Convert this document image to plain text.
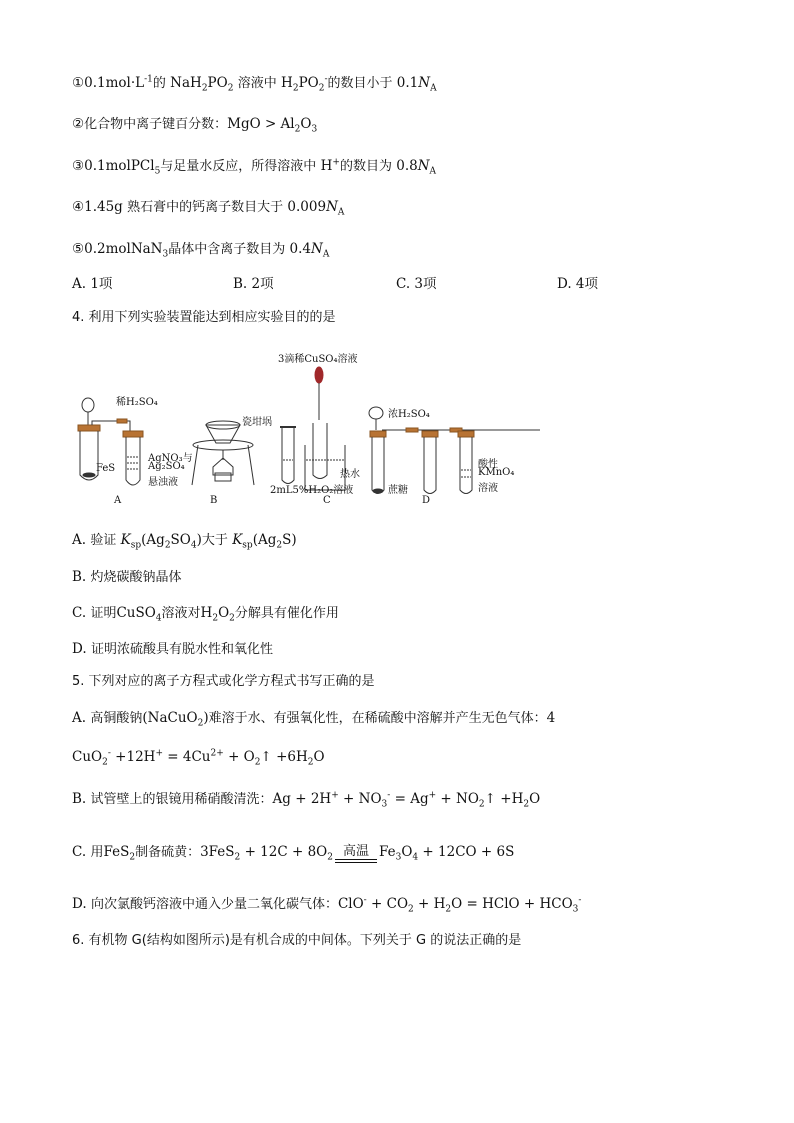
$①0.1mol\cdot L^{-1}$的 $NaH_2PO_2$ 溶液中 $H_2PO_2^-$的数目小于 $0.1N_A$
②化合物中离子键百分数：MgO > $Al_2O_3$
③0.1molPCl$_5$与足量水反应，所得溶液中 H+的数目为 $0.8N_A$
④1.45g 熟石膏中的钙离子数目大于 $0.009N_A$
⑤0.2molNaN$_3$晶体中含离子数目为 $0.4N_A$
A. 1项	B. 2项	C. 3项	D. 4项
4. 利用下列实验装置能达到相应实验目的的是
稀H₂SO₄
FeS
AgNO₃与
Ag₂SO₄
悬浊液
A
瓷坩埚
B
3滴稀CuSO₄溶液
热水
2mL5%H₂O₂溶液
C
浓H₂SO₄
蔗糖
酸性
KMnO₄
溶液
D
A. 验证 $K_{sp}(Ag_2SO_4)$大于 $K_{sp}(Ag_2S)$
B. 灼烧碳酸钠晶体
C. 证明CuSO$_4$溶液对$H_2O_2$分解具有催化作用
D. 证明浓硫酸具有脱水性和氧化性
5. 下列对应的离子方程式或化学方程式书写正确的是
A. 高铜酸钠(NaCuO$_2$)难溶于水、有强氧化性，在稀硫酸中溶解并产生无色气体：4
$CuO_2^- +12H^+ = 4Cu^{2+}$ + $O_2↑ +6H_2O$
B. 试管壁上的银镜用稀硝酸清洗：$Ag + 2H^+ + NO_3^- = Ag^+$ + $NO_2↑ +H_2O$
C. 用FeS$_2$制备硫黄：$3FeS_2 + 12C + 8O_2$ 高温 $Fe_3O_4 + 12CO + 6S$
D. 向次氯酸钙溶液中通入少量二氧化碳气体：$ClO^- + CO_2 + H_2O$ = HClO + $HCO_3^-$
6. 有机物 G(结构如图所示)是有机合成的中间体。下列关于 G 的说法正确的是
